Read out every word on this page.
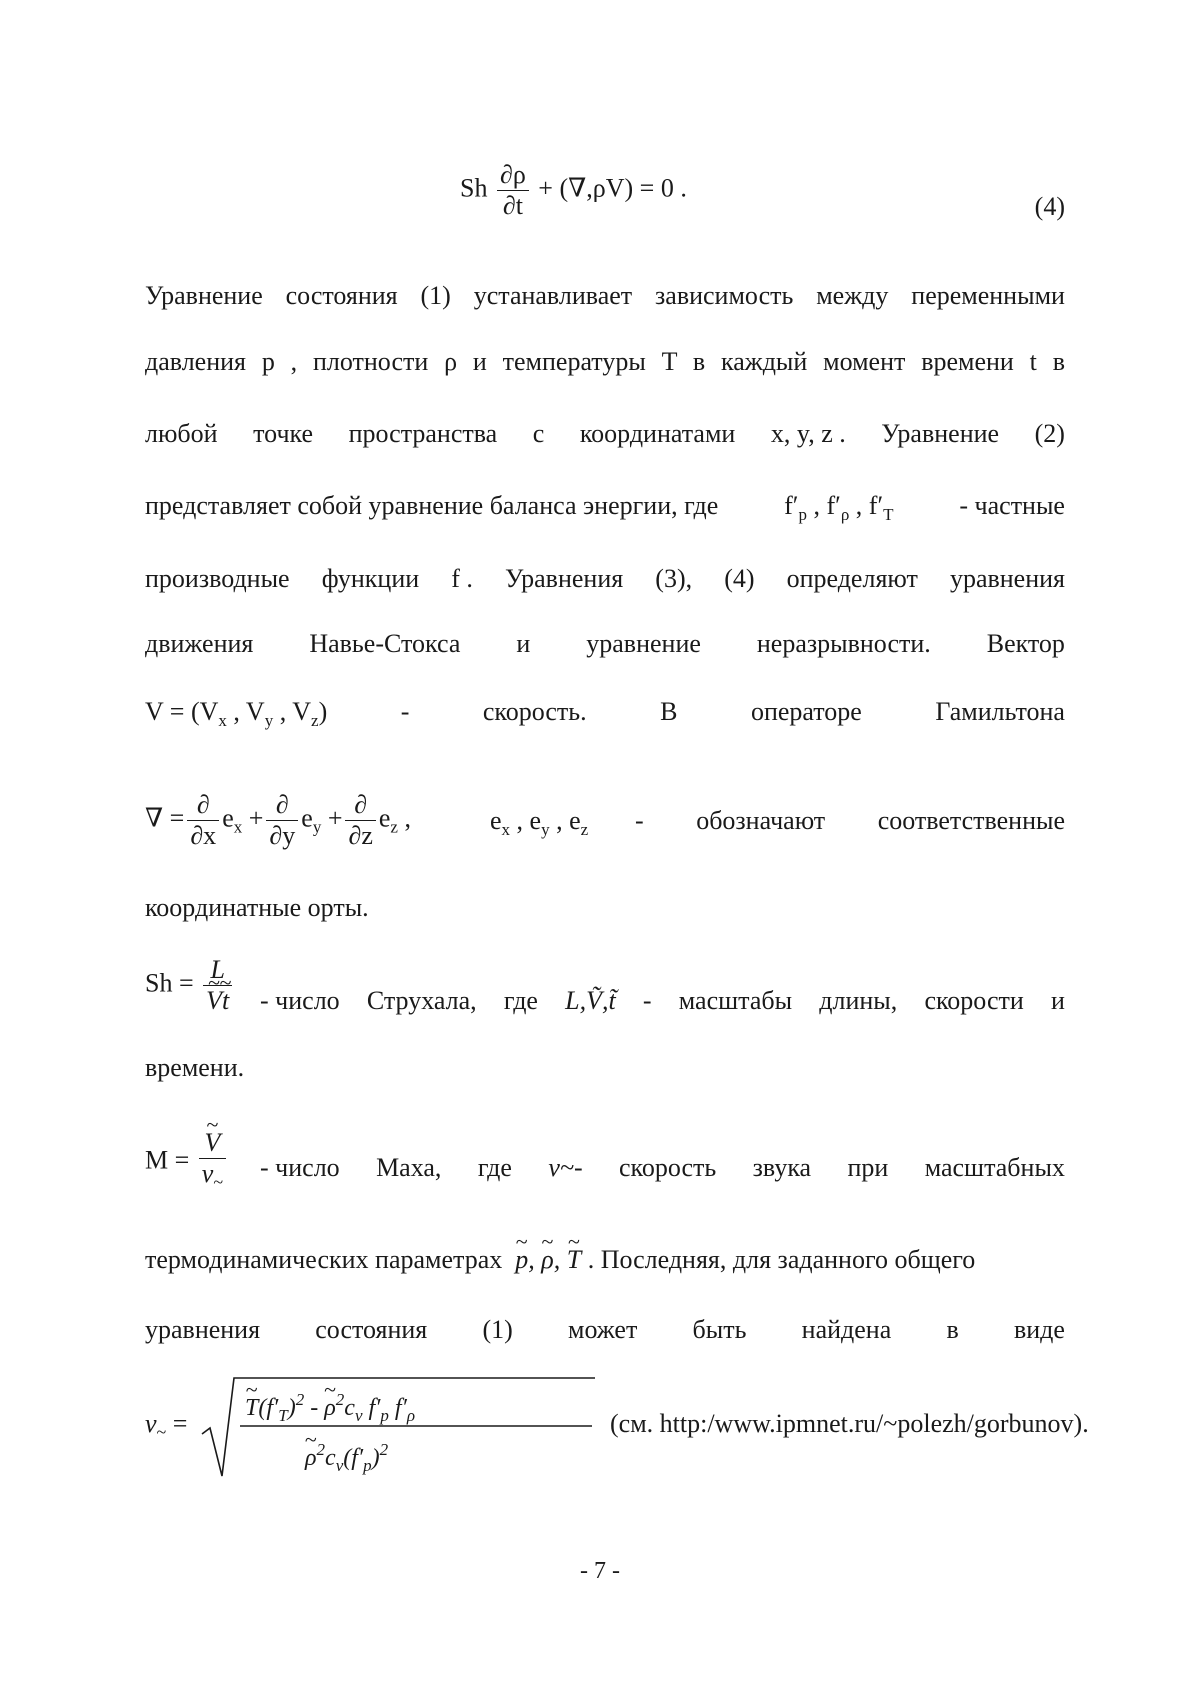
Sh $\frac{\partial\rho}{\partial t} + (\nabla,\rho V) = 0$ .
(4)
Уравнение состояния (1) устанавливает зависимость между переменными
давления p , плотности ρ и температуры T в каждый момент времени t в
любой точке пространства с координатами x, y, z . Уравнение (2)
представляет собой уравнение баланса энергии, где	$f'_p$ , $f'_\rho$ , $f'_T$	- частные
производные функции f . Уравнения (3), (4) определяют уравнения
движения Навье-Стокса и уравнение неразрывности. Вектор
$V = (V_x$ , $V_y$ , $V_z$)	-	скорость.	В	операторе	Гамильтона
∇ = $\frac{\partial}{\partial x} e_x + \frac{\partial}{\partial y} e_y + \frac{\partial}{\partial z} e_z$ ,	$e_x$ , $e_y$ , $e_z$ - обозначают соответственные
координатные орты.
Sh = L
~ V~ t - число Струхала, где L,Ṽ,t̃ - масштабы длины, скорости и
времени.
M = ~ $\frac{V}{v_\sim}$ - число Маха, где v~- скорость звука при масштабных
термодинамических параметрах ~ p, ~ ρ, ~ T . Последняя, для заданного общего
уравнения состояния (1) может быть найдена в виде
$v_\sim$ =
~ $T(f'_T)^2$ - ~ $\rho^2c_v$ $f'_p$ $f'_\rho$
~ $\rho^2c_v(f'_p)^2$
(см. http:/www.ipmnet.ru/~polezh/gorbunov).
- 7 -
